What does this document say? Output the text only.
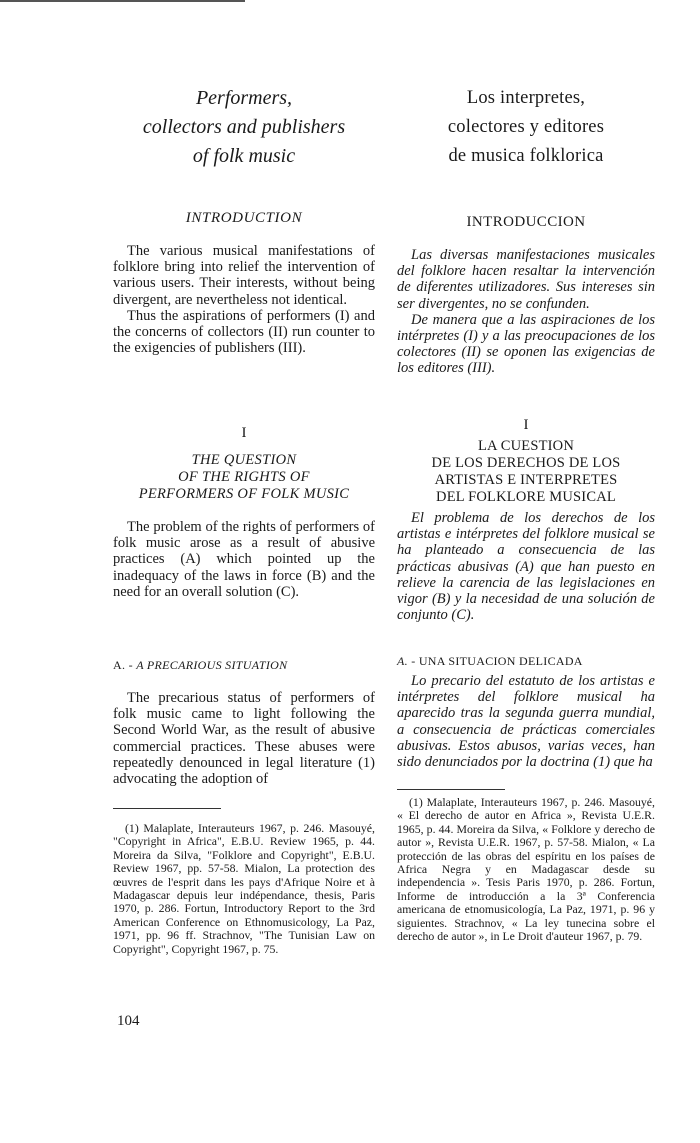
Performers,
collectors and publishers
of folk music
INTRODUCTION

The various musical manifestations of folklore bring into relief the intervention of various users. Their interests, without being divergent, are nevertheless not identical.

Thus the aspirations of performers (I) and the concerns of collectors (II) run counter to the exigencies of publishers (III).

I
THE QUESTION
OF THE RIGHTS OF
PERFORMERS OF FOLK MUSIC

The problem of the rights of performers of folk music arose as a result of abusive practices (A) which pointed up the inadequacy of the laws in force (B) and the need for an overall solution (C).

A. - A PRECARIOUS SITUATION

The precarious status of performers of folk music came to light following the Second World War, as the result of abusive commercial practices. These abuses were repeatedly denounced in legal literature (1) advocating the adoption of

(1) Malaplate, Interauteurs 1967, p. 246. Masouyé, "Copyright in Africa", E.B.U. Review 1965, p. 44. Moreira da Silva, "Folklore and Copyright", E.B.U. Review 1967, pp. 57-58. Mialon, La protection des œuvres de l'esprit dans les pays d'Afrique Noire et à Madagascar depuis leur indépendance, thesis, Paris 1970, p. 286. Fortun, Introductory Report to the 3rd American Conference on Ethnomusicology, La Paz, 1971, pp. 96 ff. Strachnov, "The Tunisian Law on Copyright", Copyright 1967, p. 75.

Los interpretes,
colectores y editores
de musica folklorica
INTRODUCCION

Las diversas manifestaciones musicales del folklore hacen resaltar la intervención de diferentes utilizadores. Sus intereses sin ser divergentes, no se confunden.

De manera que a las aspiraciones de los intérpretes (I) y a las preocupaciones de los colectores (II) se oponen las exigencias de los editores (III).

I
LA CUESTION
DE LOS DERECHOS DE LOS
ARTISTAS E INTERPRETES
DEL FOLKLORE MUSICAL

El problema de los derechos de los artistas e intérpretes del folklore musical se ha planteado a consecuencia de las prácticas abusivas (A) que han puesto en relieve la carencia de las legislaciones en vigor (B) y la necesidad de una solución de conjunto (C).

A. - UNA SITUACION DELICADA

Lo precario del estatuto de los artistas e intérpretes del folklore musical ha aparecido tras la segunda guerra mundial, a consecuencia de prácticas comerciales abusivas. Estos abusos, varias veces, han sido denunciados por la doctrina (1) que ha

(1) Malaplate, Interauteurs 1967, p. 246. Masouyé, « El derecho de autor en Africa », Revista U.E.R. 1965, p. 44. Moreira da Silva, « Folklore y derecho de autor », Revista U.E.R. 1967, p. 57-58. Mialon, « La protección de las obras del espíritu en los países de Africa Negra y en Madagascar desde su independencia ». Tesis Paris 1970, p. 286. Fortun, Informe de introducción a la 3ª Conferencia americana de etnomusicología, La Paz, 1971, p. 96 y siguientes. Strachnov, « La ley tunecina sobre el derecho de autor », in Le Droit d'auteur 1967, p. 79.

104
